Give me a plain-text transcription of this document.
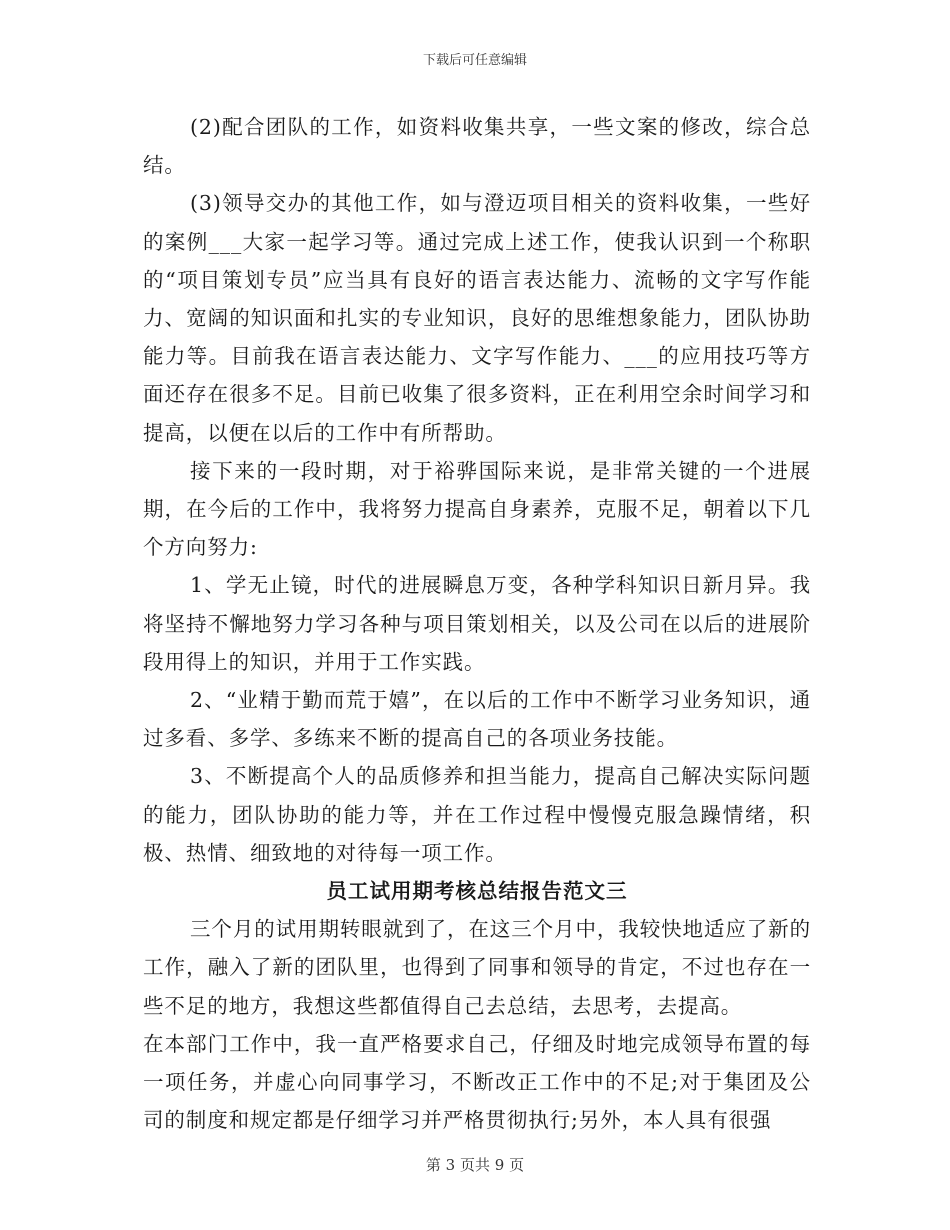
下载后可任意编辑

(2)配合团队的工作，如资料收集共享，一些文案的修改，综合总结。

(3)领导交办的其他工作，如与澄迈项目相关的资料收集，一些好的案例___大家一起学习等。通过完成上述工作，使我认识到一个称职的“项目策划专员”应当具有良好的语言表达能力、流畅的文字写作能力、宽阔的知识面和扎实的专业知识，良好的思维想象能力，团队协助能力等。目前我在语言表达能力、文字写作能力、___的应用技巧等方面还存在很多不足。目前已收集了很多资料，正在利用空余时间学习和提高，以便在以后的工作中有所帮助。

接下来的一段时期，对于裕骅国际来说，是非常关键的一个进展期，在今后的工作中，我将努力提高自身素养，克服不足，朝着以下几个方向努力:

1、学无止镜，时代的进展瞬息万变，各种学科知识日新月异。我将坚持不懈地努力学习各种与项目策划相关，以及公司在以后的进展阶段用得上的知识，并用于工作实践。

2、“业精于勤而荒于嬉”，在以后的工作中不断学习业务知识，通过多看、多学、多练来不断的提高自己的各项业务技能。

3、不断提高个人的品质修养和担当能力，提高自己解决实际问题的能力，团队协助的能力等，并在工作过程中慢慢克服急躁情绪，积极、热情、细致地的对待每一项工作。

员工试用期考核总结报告范文三

三个月的试用期转眼就到了，在这三个月中，我较快地适应了新的工作，融入了新的团队里，也得到了同事和领导的肯定，不过也存在一些不足的地方，我想这些都值得自己去总结，去思考，去提高。

在本部门工作中，我一直严格要求自己，仔细及时地完成领导布置的每一项任务，并虚心向同事学习，不断改正工作中的不足;对于集团及公司的制度和规定都是仔细学习并严格贯彻执行;另外，本人具有很强

第 3 页共 9 页
